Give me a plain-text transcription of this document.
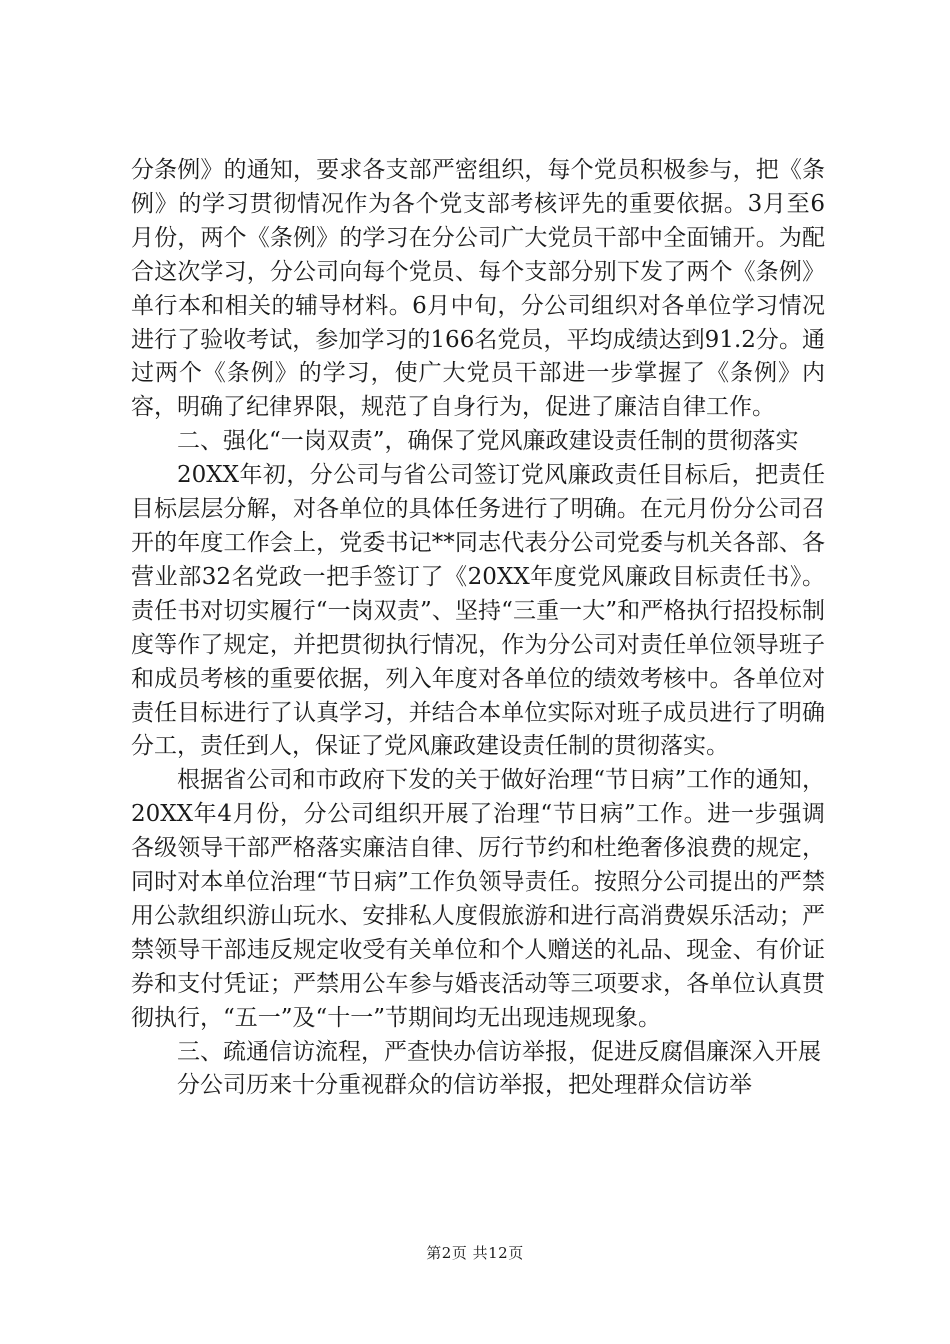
分条例》的通知，要求各支部严密组织，每个党员积极参与，把《条例》的学习贯彻情况作为各个党支部考核评先的重要依据。3月至6月份，两个《条例》的学习在分公司广大党员干部中全面铺开。为配合这次学习，分公司向每个党员、每个支部分别下发了两个《条例》单行本和相关的辅导材料。6月中旬，分公司组织对各单位学习情况进行了验收考试，参加学习的166名党员，平均成绩达到91.2分。通过两个《条例》的学习，使广大党员干部进一步掌握了《条例》内容，明确了纪律界限，规范了自身行为，促进了廉洁自律工作。

二、强化“一岗双责”，确保了党风廉政建设责任制的贯彻落实

20XX年初，分公司与省公司签订党风廉政责任目标后，把责任目标层层分解，对各单位的具体任务进行了明确。在元月份分公司召开的年度工作会上，党委书记**同志代表分公司党委与机关各部、各营业部32名党政一把手签订了《20XX年度党风廉政目标责任书》。责任书对切实履行“一岗双责”、坚持“三重一大”和严格执行招投标制度等作了规定，并把贯彻执行情况，作为分公司对责任单位领导班子和成员考核的重要依据，列入年度对各单位的绩效考核中。各单位对责任目标进行了认真学习，并结合本单位实际对班子成员进行了明确分工，责任到人，保证了党风廉政建设责任制的贯彻落实。

根据省公司和市政府下发的关于做好治理“节日病”工作的通知，20XX年4月份，分公司组织开展了治理“节日病”工作。进一步强调各级领导干部严格落实廉洁自律、厉行节约和杜绝奢侈浪费的规定，同时对本单位治理“节日病”工作负领导责任。按照分公司提出的严禁用公款组织游山玩水、安排私人度假旅游和进行高消费娱乐活动；严禁领导干部违反规定收受有关单位和个人赠送的礼品、现金、有价证券和支付凭证；严禁用公车参与婚丧活动等三项要求，各单位认真贯彻执行，“五一”及“十一”节期间均无出现违规现象。

三、疏通信访流程，严查快办信访举报，促进反腐倡廉深入开展

分公司历来十分重视群众的信访举报，把处理群众信访举

第2页 共12页
